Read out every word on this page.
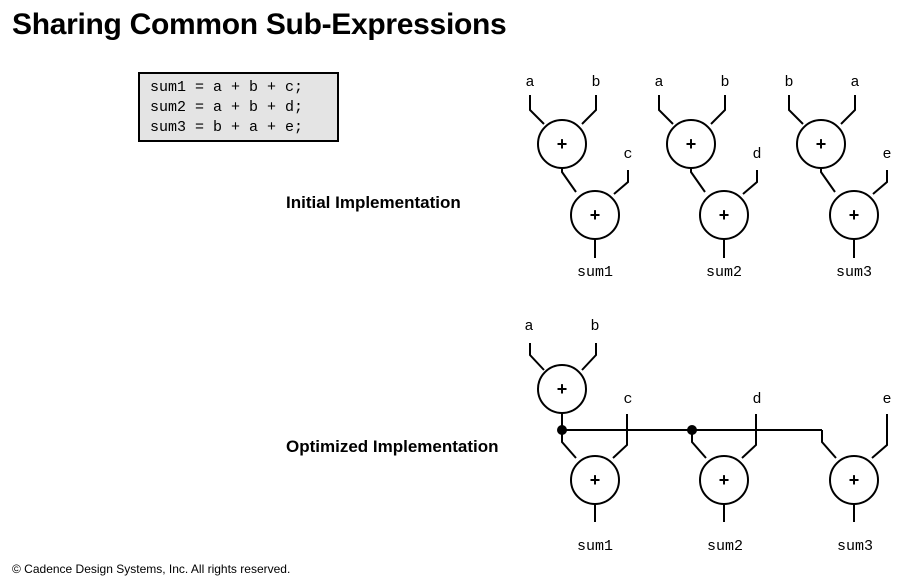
Sharing Common Sub-Expressions
sum1 = a + b + c;
sum2 = a + b + d;
sum3 = b + a + e;

Initial Implementation

Optimized Implementation

+
+
+
+
+
+
+
+	+	+
a	b
c
sum1
a	b
d
sum2
b	a
e
sum3
a	b
c	d	e
sum1	sum2	sum3
© Cadence Design Systems, Inc. All rights reserved.
